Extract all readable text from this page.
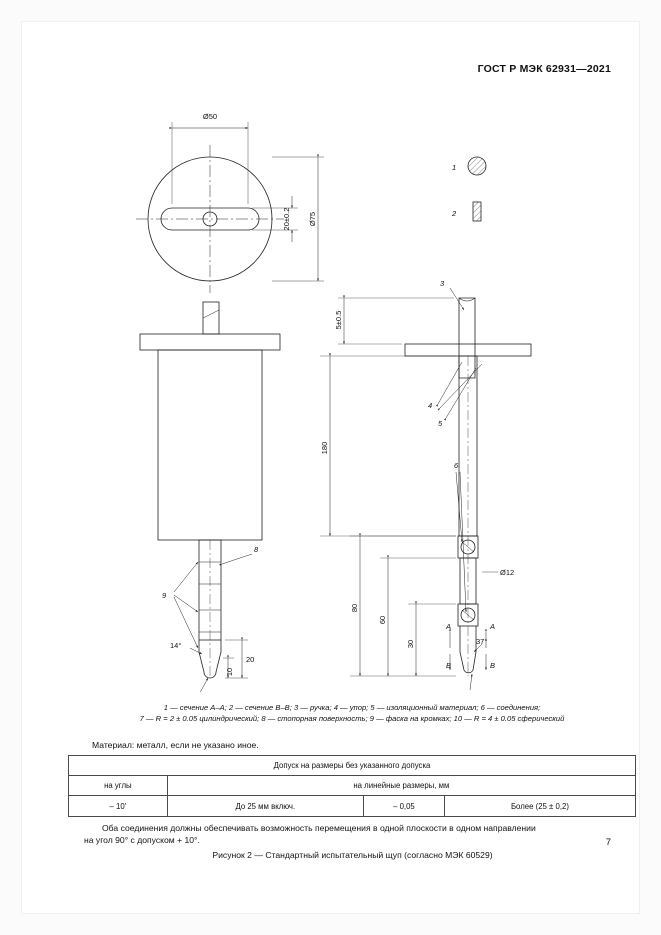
ГОСТ Р МЭК 62931—2021
7
Ø50
Ø75
20±0.2
1
2
3
4
5
6
8
9
5±0.5
180
80
60
30
Ø12
A	A
B	B
37°
14°
20
10
1 — сечение А–А; 2 — сечение В–В; 3 — ручка; 4 — упор; 5 — изоляционный материал; 6 — соединения;
7 — R = 2 ± 0.05 цилиндрический; 8 — стопорная поверхность; 9 — фаска на кромках; 10 — R = 4 ± 0.05 сферический
Материал: металл, если не указано иное.
Допуск на размеры без указанного допуска			
на углы	на линейные размеры, мм		
– 10'	До 25 мм включ.	– 0,05	Более (25 ± 0,2)
Оба соединения должны обеспечивать возможность перемещения в одной плоскости в одном направлении
на угол 90° с допуском + 10°.
Рисунок 2 — Стандартный испытательный щуп (согласно МЭК 60529)
